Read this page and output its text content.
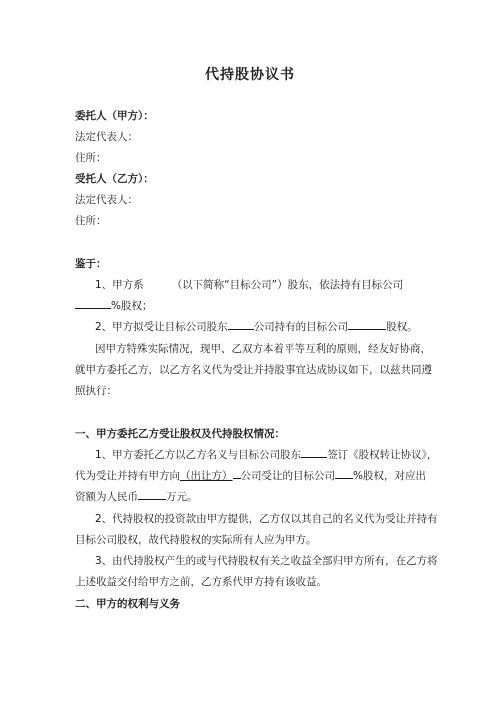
代持股协议书
委托人（甲方）：
法定代表人：
住所：
受托人（乙方）：
法定代表人：
住所：
鉴于：
1、甲方系	（以下简称“目标公司”）股东，依法持有目标公司
%股权；
2、甲方拟受让目标公司股东 公司持有的目标公司	股权。
因甲方特殊实际情况，现甲、乙双方本着平等互利的原则，经友好协商，
就甲方委托乙方，以乙方名义代为受让并持股事宜达成协议如下，以兹共同遵
照执行：
一、甲方委托乙方受让股权及代持股权情况：
1、甲方委托乙方以乙方名义与目标公司股东 签订《股权转让协议》，
代为受让并持有甲方向（出让方） 公司受让的目标公司 %股权，对应出
资额为人民币	万元。
2、代持股权的投资款由甲方提供，乙方仅以其自己的名义代为受让并持有
目标公司股权，故代持股权的实际所有人应为甲方。
3、由代持股权产生的或与代持股权有关之收益全部归甲方所有，在乙方将
上述收益交付给甲方之前，乙方系代甲方持有该收益。
二、甲方的权利与义务
